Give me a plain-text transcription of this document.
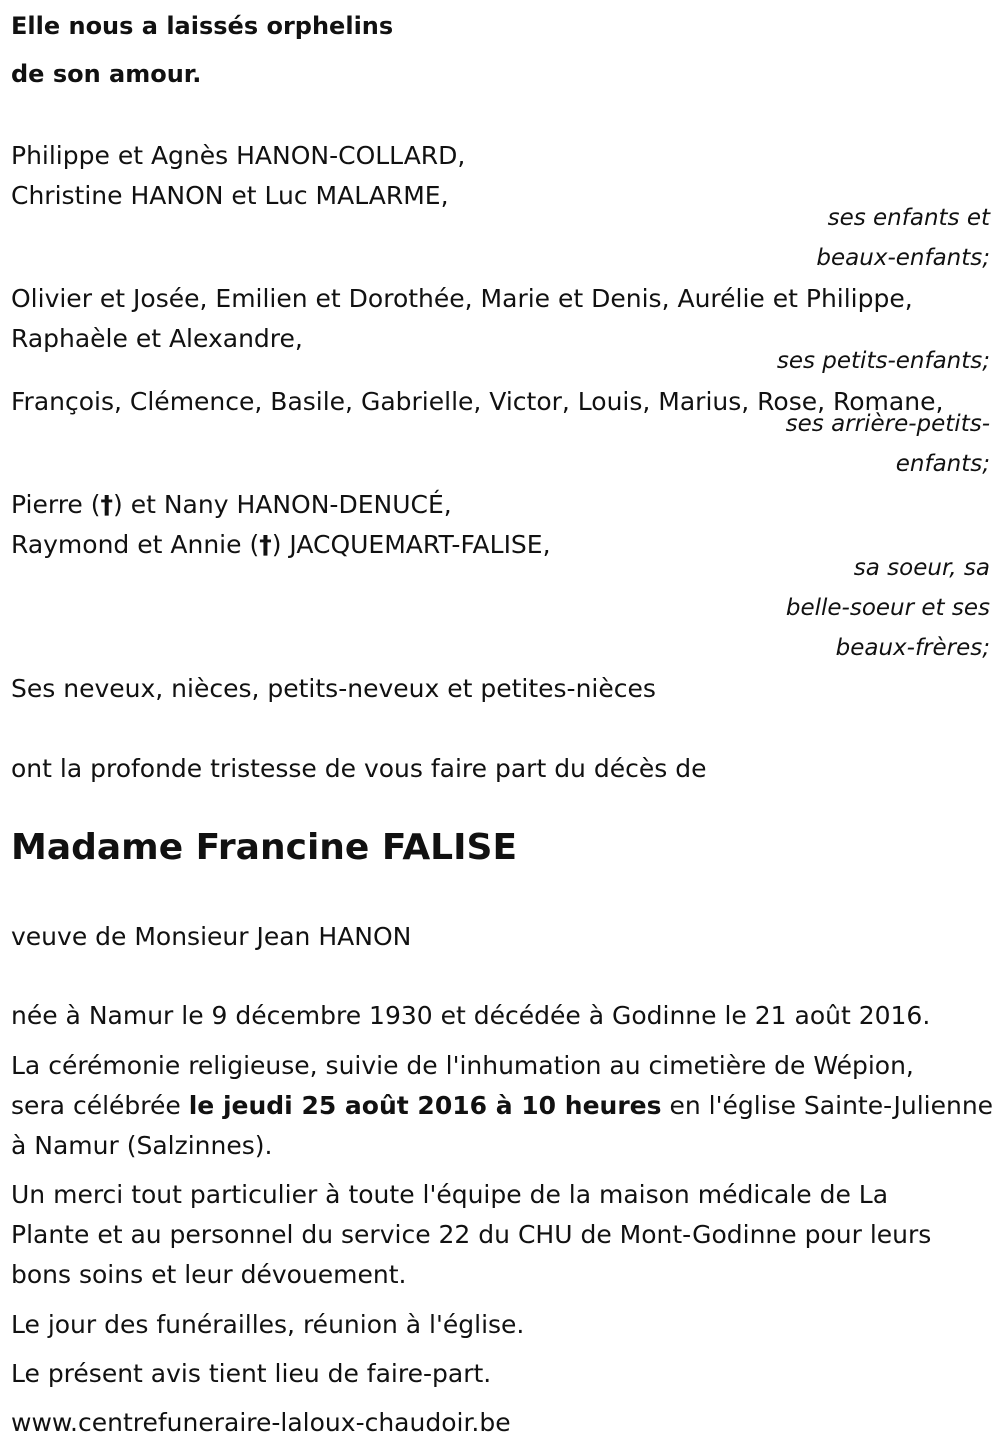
Elle nous a laissés orphelins
de son amour.
Philippe et Agnès HANON-COLLARD,
Christine HANON et Luc MALARME,
ses enfants et
beaux-enfants;
Olivier et Josée, Emilien et Dorothée, Marie et Denis, Aurélie et Philippe,
Raphaèle et Alexandre,
ses petits-enfants;
François, Clémence, Basile, Gabrielle, Victor, Louis, Marius, Rose, Romane,
ses arrière-petits-
enfants;
Pierre (†) et Nany HANON-DENUCÉ,
Raymond et Annie (†) JACQUEMART-FALISE,
sa soeur, sa
belle-soeur et ses
beaux-frères;
Ses neveux, nièces, petits-neveux et petites-nièces
ont la profonde tristesse de vous faire part du décès de
Madame Francine FALISE
veuve de Monsieur Jean HANON
née à Namur le 9 décembre 1930 et décédée à Godinne le 21 août 2016.
La cérémonie religieuse, suivie de l'inhumation au cimetière de Wépion,
sera célébrée le jeudi 25 août 2016 à 10 heures en l'église Sainte-Julienne
à Namur (Salzinnes).
Un merci tout particulier à toute l'équipe de la maison médicale de La
Plante et au personnel du service 22 du CHU de Mont-Godinne pour leurs
bons soins et leur dévouement.
Le jour des funérailles, réunion à l'église.
Le présent avis tient lieu de faire-part.
www.centrefuneraire-laloux-chaudoir.be
